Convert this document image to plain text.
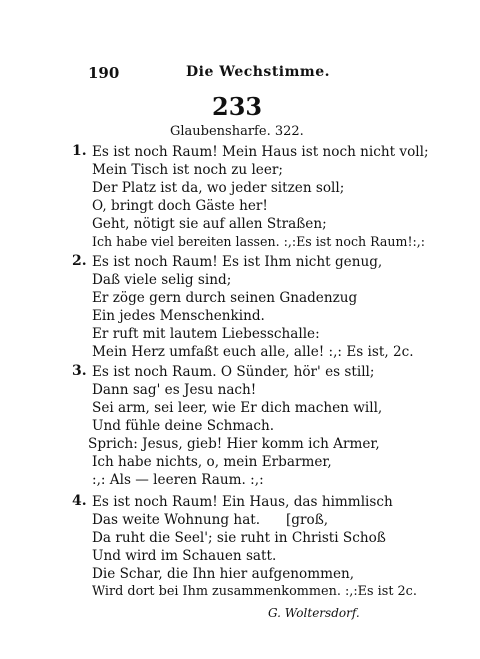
190	Die Wechstimme.
233
Glaubensharfe. 322.
1. Es ist noch Raum! Mein Haus ist noch nicht voll;
Mein Tisch ist noch zu leer;
Der Platz ist da, wo jeder sitzen soll;
O, bringt doch Gäste her!
Geht, nötigt sie auf allen Straßen;
Ich habe viel bereiten lassen. :,:Es ist noch Raum!:,:
2. Es ist noch Raum! Es ist Ihm nicht genug,
Daß viele selig sind;
Er zöge gern durch seinen Gnadenzug
Ein jedes Menschenkind.
Er ruft mit lautem Liebesschalle:
Mein Herz umfaßt euch alle, alle! :,: Es ist, 2c.
3. Es ist noch Raum. O Sünder, hör' es still;
Dann sag' es Jesu nach!
Sei arm, sei leer, wie Er dich machen will,
Und fühle deine Schmach.
Sprich: Jesus, gieb! Hier komm ich Armer,
Ich habe nichts, o, mein Erbarmer,
:,: Als — leeren Raum. :,:
4. Es ist noch Raum! Ein Haus, das himmlisch
Das weite Wohnung hat.      [groß,
Da ruht die Seel'; sie ruht in Christi Schoß
Und wird im Schauen satt.
Die Schar, die Ihn hier aufgenommen,
Wird dort bei Ihm zusammenkommen. :,:Es ist 2c.
G. Woltersdorf.
